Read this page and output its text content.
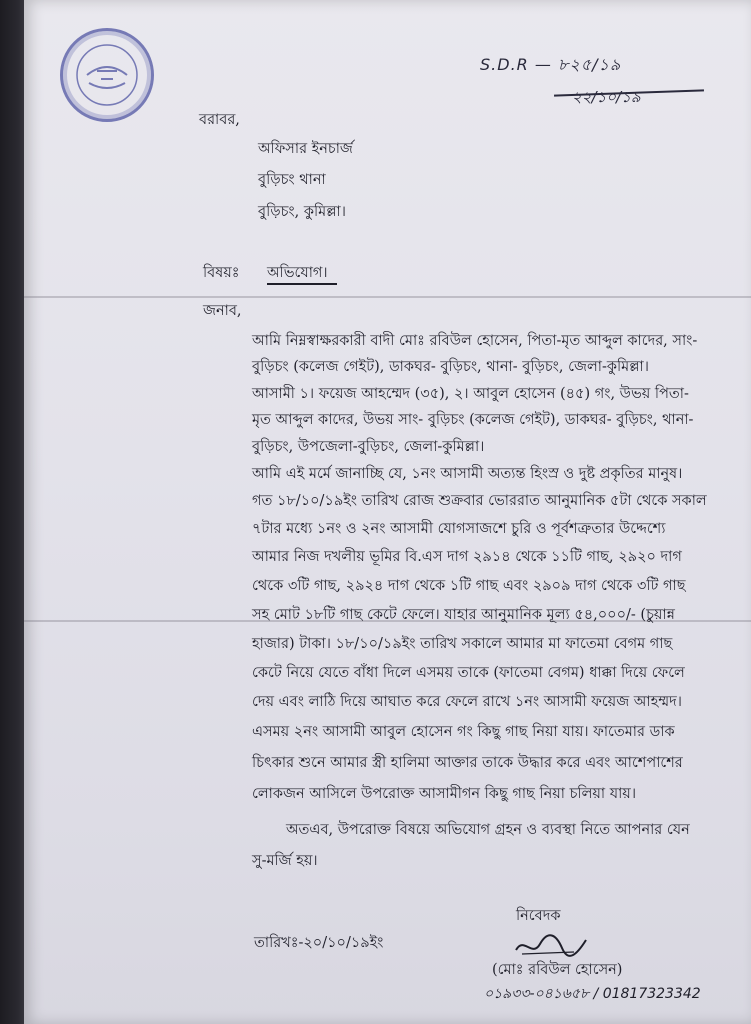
S.D.R — ৮২৫/১৯
২২/১০/১৯
বরাবর,
অফিসার ইনচার্জ
বুড়িচং থানা
বুড়িচং, কুমিল্লা।
বিষয়ঃ অভিযোগ।
জনাব,
আমি নিম্নস্বাক্ষরকারী বাদী মোঃ রবিউল হোসেন, পিতা-মৃত আব্দুল কাদের, সাং-
বুড়িচং (কলেজ গেইট), ডাকঘর- বুড়িচং, থানা- বুড়িচং, জেলা-কুমিল্লা।
আসামী ১। ফয়েজ আহম্মেদ (৩৫), ২। আবুল হোসেন (৪৫) গং, উভয় পিতা-
মৃত আব্দুল কাদের, উভয় সাং- বুড়িচং (কলেজ গেইট), ডাকঘর- বুড়িচং, থানা-
বুড়িচং, উপজেলা-বুড়িচং, জেলা-কুমিল্লা।
আমি এই মর্মে জানাচ্ছি যে, ১নং আসামী অত্যন্ত হিংস্র ও দুষ্ট প্রকৃতির মানুষ।
গত ১৮/১০/১৯ইং তারিখ রোজ শুক্রবার ভোররাত আনুমানিক ৫টা থেকে সকাল
৭টার মধ্যে ১নং ও ২নং আসামী যোগসাজশে চুরি ও পূর্বশত্রুতার উদ্দেশ্যে
আমার নিজ দখলীয় ভূমির বি.এস দাগ ২৯১৪ থেকে ১১টি গাছ, ২৯২০ দাগ
থেকে ৩টি গাছ, ২৯২৪ দাগ থেকে ১টি গাছ এবং ২৯০৯ দাগ থেকে ৩টি গাছ
সহ মোট ১৮টি গাছ কেটে ফেলে। যাহার আনুমানিক মূল্য ৫৪,০০০/- (চুয়ান্ন
হাজার) টাকা। ১৮/১০/১৯ইং তারিখ সকালে আমার মা ফাতেমা বেগম গাছ
কেটে নিয়ে যেতে বাঁধা দিলে এসময় তাকে (ফাতেমা বেগম) ধাক্কা দিয়ে ফেলে
দেয় এবং লাঠি দিয়ে আঘাত করে ফেলে রাখে ১নং আসামী ফয়েজ আহম্মদ।
এসময় ২নং আসামী আবুল হোসেন গং কিছু গাছ নিয়া যায়। ফাতেমার ডাক
চিৎকার শুনে আমার স্ত্রী হালিমা আক্তার তাকে উদ্ধার করে এবং আশেপাশের
লোকজন আসিলে উপরোক্ত আসামীগন কিছু গাছ নিয়া চলিয়া যায়।
অতএব, উপরোক্ত বিষয়ে অভিযোগ গ্রহন ও ব্যবস্থা নিতে আপনার যেন
সু-মর্জি হয়।
নিবেদক
তারিখঃ-২০/১০/১৯ইং
(মোঃ রবিউল হোসেন)
০১৯৩৩-০৪১৬৫৮ / 01817323342
